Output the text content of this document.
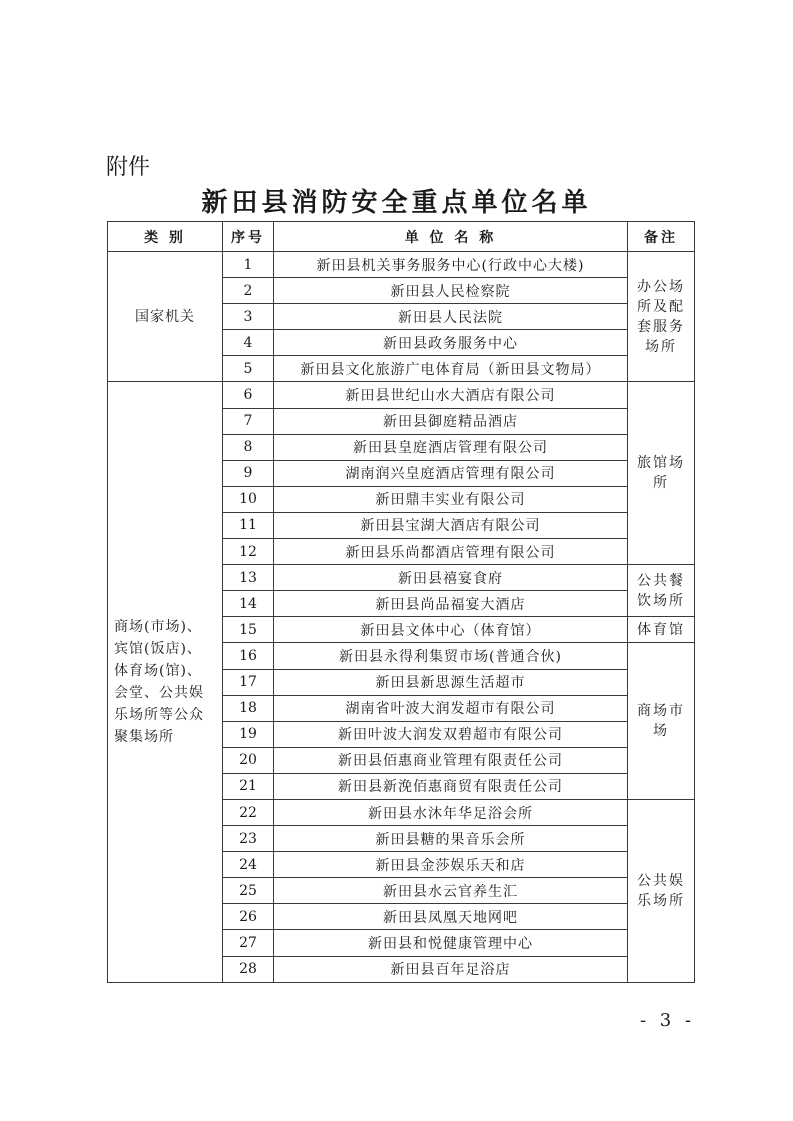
附件
新田县消防安全重点单位名单
类 别	序号	单 位 名 称	备注
国家机关	1	新田县机关事务服务中心(行政中心大楼)	办公场所及配套服务场所
	2	新田县人民检察院	
	3	新田县人民法院	
	4	新田县政务服务中心	
	5	新田县文化旅游广电体育局（新田县文物局）	
商场(市场)、宾馆(饭店)、体育场(馆)、会堂、公共娱乐场所等公众聚集场所	6	新田县世纪山水大酒店有限公司	旅馆场所
	7	新田县御庭精品酒店	
	8	新田县皇庭酒店管理有限公司	
	9	湖南润兴皇庭酒店管理有限公司	
	10	新田鼎丰实业有限公司	
	11	新田县宝湖大酒店有限公司	
	12	新田县乐尚都酒店管理有限公司	
	13	新田县禧宴食府	公共餐饮场所
	14	新田县尚品福宴大酒店	
	15	新田县文体中心（体育馆）	体育馆
	16	新田县永得利集贸市场(普通合伙)	商场市场
	17	新田县新思源生活超市	
	18	湖南省叶波大润发超市有限公司	
	19	新田叶波大润发双碧超市有限公司	
	20	新田县佰惠商业管理有限责任公司	
	21	新田县新浼佰惠商贸有限责任公司	
	22	新田县水沐年华足浴会所	公共娱乐场所
	23	新田县糖的果音乐会所	
	24	新田县金莎娱乐天和店	
	25	新田县水云官养生汇	
	26	新田县凤凰天地网吧	
	27	新田县和悦健康管理中心	
	28	新田县百年足浴店	
- 3 -
